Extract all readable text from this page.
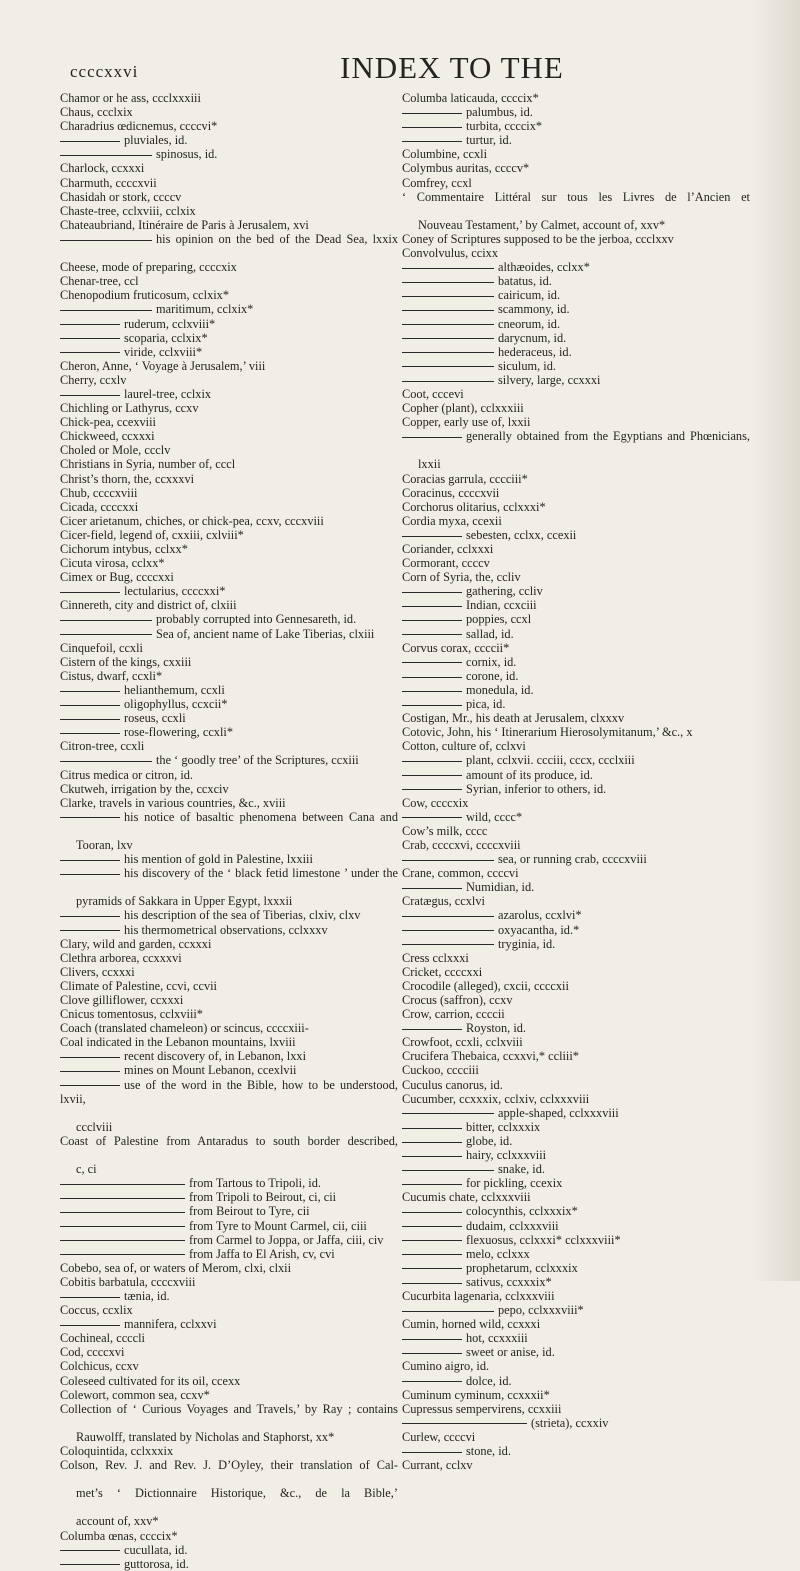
ccccxxvi	INDEX TO THE
Chamor or he ass, ccclxxxiii
Chaus, ccclxix
Charadrius œdicnemus, ccccvi*
pluviales, id.
spinosus, id.
Charlock, ccxxxi
Charmuth, ccccxvii
Chasidah or stork, ccccv
Chaste-tree, cclxviii, cclxix
Chateaubriand, Itinéraire de Paris à Jerusalem, xvi
his opinion on the bed of the Dead Sea, lxxix
Cheese, mode of preparing, ccccxix
Chenar-tree, ccl
Chenopodium fruticosum, cclxix*
maritimum, cclxix*
ruderum, cclxviii*
scoparia, cclxix*
viride, cclxviii*
Cheron, Anne, ‘ Voyage à Jerusalem,’ viii
Cherry, ccxlv
laurel-tree, cclxix
Chichling or Lathyrus, ccxv
Chick-pea, ccexviii
Chickweed, ccxxxi
Choled or Mole, ccclv
Christians in Syria, number of, cccl
Christ’s thorn, the, ccxxxvi
Chub, ccccxviii
Cicada, ccccxxi
Cicer arietanum, chiches, or chick-pea, ccxv, cccxviii
Cicer-field, legend of, cxxiii, cxlviii*
Cichorum intybus, cclxx*
Cicuta virosa, cclxx*
Cimex or Bug, ccccxxi
lectularius, ccccxxi*
Cinnereth, city and district of, clxiii
probably corrupted into Gennesareth, id.
Sea of, ancient name of Lake Tiberias, clxiii
Cinquefoil, ccxli
Cistern of the kings, cxxiii
Cistus, dwarf, ccxli*
helianthemum, ccxli
oligophyllus, ccxcii*
roseus, ccxli
rose-flowering, ccxli*
Citron-tree, ccxli
the ‘ goodly tree’ of the Scriptures, ccxiii
Citrus medica or citron, id.
Ckutweh, irrigation by the, ccxciv
Clarke, travels in various countries, &c., xviii
his notice of basaltic phenomena between Cana and
Tooran, lxv
his mention of gold in Palestine, lxxiii
his discovery of the ‘ black fetid limestone ’ under the
pyramids of Sakkara in Upper Egypt, lxxxii
his description of the sea of Tiberias, clxiv, clxv
his thermometrical observations, cclxxxv
Clary, wild and garden, ccxxxi
Clethra arborea, ccxxxvi
Clivers, ccxxxi
Climate of Palestine, ccvi, ccvii
Clove gilliflower, ccxxxi
Cnicus tomentosus, cclxviii*
Coach (translated chameleon) or scincus, ccccxiii-
Coal indicated in the Lebanon mountains, lxviii
recent discovery of, in Lebanon, lxxi
mines on Mount Lebanon, ccexlvii
use of the word in the Bible, how to be understood, lxvii,
ccclviii
Coast of Palestine from Antaradus to south border described,
c, ci
from Tartous to Tripoli, id.
from Tripoli to Beirout, ci, cii
from Beirout to Tyre, cii
from Tyre to Mount Carmel, cii, ciii
from Carmel to Joppa, or Jaffa, ciii, civ
from Jaffa to El Arish, cv, cvi
Cobebo, sea of, or waters of Merom, clxi, clxii
Cobitis barbatula, ccccxviii
tænia, id.
Coccus, ccxlix
mannifera, cclxxvi
Cochineal, ccccli
Cod, ccccxvi
Colchicus, ccxv
Coleseed cultivated for its oil, ccexx
Colewort, common sea, ccxv*
Collection of ‘ Curious Voyages and Travels,’ by Ray ; contains
Rauwolff, translated by Nicholas and Staphorst, xx*
Coloquintida, cclxxxix
Colson, Rev. J. and Rev. J. D’Oyley, their translation of Cal-
met’s ‘ Dictionnaire Historique, &c., de la Bible,’
account of, xxv*
Columba œnas, ccccix*
cucullata, id.
guttorosa, id.
Columba laticauda, ccccix*
palumbus, id.
turbita, ccccix*
turtur, id.
Columbine, ccxli
Colymbus auritas, ccccv*
Comfrey, ccxl
‘ Commentaire Littéral sur tous les Livres de l’Ancien et
Nouveau Testament,’ by Calmet, account of, xxv*
Coney of Scriptures supposed to be the jerboa, ccclxxv
Convolvulus, ccixx
althæoides, cclxx*
batatus, id.
cairicum, id.
scammony, id.
cneorum, id.
darycnum, id.
hederaceus, id.
siculum, id.
silvery, large, ccxxxi
Coot, cccevi
Copher (plant), cclxxxiii
Copper, early use of, lxxii
generally obtained from the Egyptians and Phœnicians,
lxxii
Coracias garrula, cccciii*
Coracinus, ccccxvii
Corchorus olitarius, cclxxxi*
Cordia myxa, ccexii
sebesten, cclxx, ccexii
Coriander, cclxxxi
Cormorant, ccccv
Corn of Syria, the, ccliv
gathering, ccliv
Indian, ccxciii
poppies, ccxl
sallad, id.
Corvus corax, ccccii*
cornix, id.
corone, id.
monedula, id.
pica, id.
Costigan, Mr., his death at Jerusalem, clxxxv
Cotovic, John, his ‘ Itinerarium Hierosolymitanum,’ &c., x
Cotton, culture of, cclxvi
plant, cclxvii. ccciii, cccx, ccclxiii
amount of its produce, id.
Syrian, inferior to others, id.
Cow, ccccxix
wild, cccc*
Cow’s milk, cccc
Crab, ccccxvi, ccccxviii
sea, or running crab, ccccxviii
Crane, common, ccccvi
Numidian, id.
Cratægus, ccxlvi
azarolus, ccxlvi*
oxyacantha, id.*
tryginia, id.
Cress cclxxxi
Cricket, ccccxxi
Crocodile (alleged), cxcii, ccccxii
Crocus (saffron), ccxv
Crow, carrion, ccccii
Royston, id.
Crowfoot, ccxli, cclxviii
Crucifera Thebaica, ccxxvi,* ccliii*
Cuckoo, cccciii
Cuculus canorus, id.
Cucumber, ccxxxix, cclxiv, cclxxxviii
apple-shaped, cclxxxviii
bitter, cclxxxix
globe, id.
hairy, cclxxxviii
snake, id.
for pickling, ccexix
Cucumis chate, cclxxxviii
colocynthis, cclxxxix*
dudaim, cclxxxviii
flexuosus, cclxxxi* cclxxxviii*
melo, cclxxx
prophetarum, cclxxxix
sativus, ccxxxix*
Cucurbita lagenaria, cclxxxviii
pepo, cclxxxviii*
Cumin, horned wild, ccxxxi
hot, ccxxxiii
sweet or anise, id.
Cumino aigro, id.
dolce, id.
Cuminum cyminum, ccxxxii*
Cupressus sempervirens, ccxxiii
(strieta), ccxxiv
Curlew, ccccvi
stone, id.
Currant, cclxv
